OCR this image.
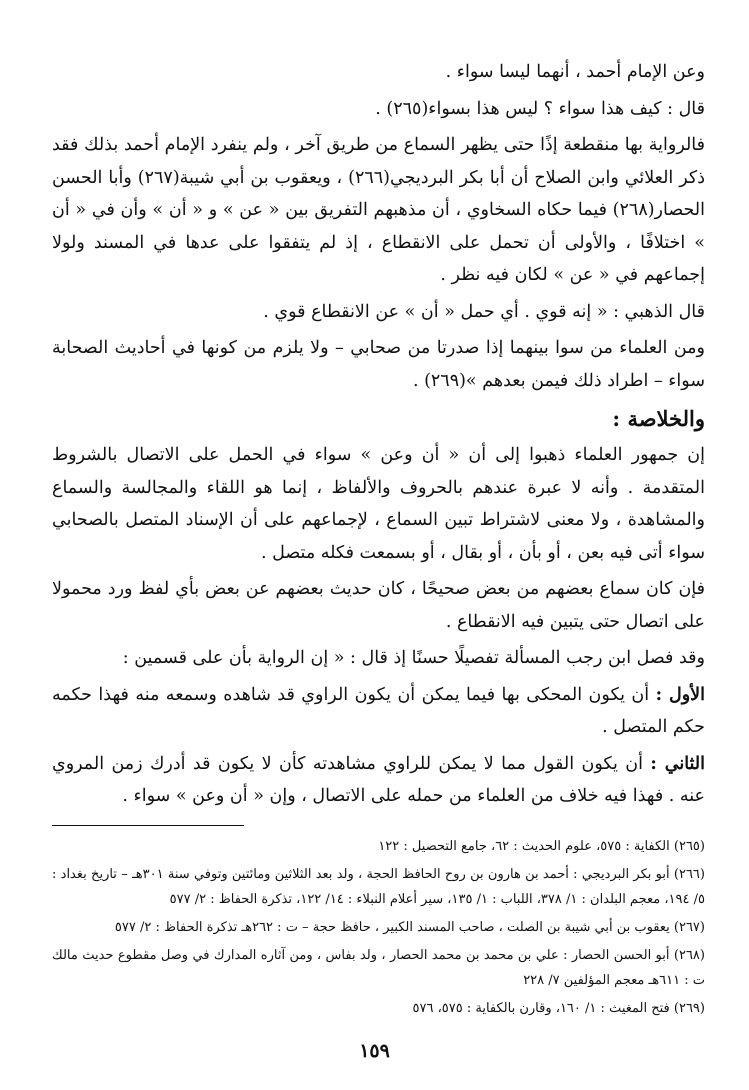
وعن الإمام أحمد ، أنهما ليسا سواء .

قال : كيف هذا سواء ؟ ليس هذا بسواء(٢٦٥) .

فالرواية بها منقطعة إذًا حتى يظهر السماع من طريق آخر ، ولم ينفرد الإمام أحمد بذلك فقد ذكر العلائي وابن الصلاح أن أبا بكر البرديجي(٢٦٦) ، ويعقوب بن أبي شيبة(٢٦٧) وأبا الحسن الحصار(٢٦٨) فيما حكاه السخاوي ، أن مذهبهم التفريق بين « عن » و « أن » وأن في « أن » اختلافًا ، والأولى أن تحمل على الانقطاع ، إذ لم يتفقوا على عدها في المسند ولولا إجماعهم في « عن » لكان فيه نظر .

قال الذهبي : « إنه قوي . أي حمل « أن » عن الانقطاع قوي .

ومن العلماء من سوا بينهما إذا صدرتا من صحابي – ولا يلزم من كونها في أحاديث الصحابة سواء – اطراد ذلك فيمن بعدهم »(٢٦٩) .

والخلاصة :

إن جمهور العلماء ذهبوا إلى أن « أن وعن » سواء في الحمل على الاتصال بالشروط المتقدمة . وأنه لا عبرة عندهم بالحروف والألفاظ ، إنما هو اللقاء والمجالسة والسماع والمشاهدة ، ولا معنى لاشتراط تبين السماع ، لإجماعهم على أن الإسناد المتصل بالصحابي سواء أتى فيه بعن ، أو بأن ، أو بقال ، أو بسمعت فكله متصل .

فإن كان سماع بعضهم من بعض صحيحًا ، كان حديث بعضهم عن بعض بأي لفظ ورد محمولا على اتصال حتى يتبين فيه الانقطاع .

وقد فصل ابن رجب المسألة تفصيلًا حسنًا إذ قال : « إن الرواية بأن على قسمين :

الأول : أن يكون المحكى بها فيما يمكن أن يكون الراوي قد شاهده وسمعه منه فهذا حكمه حكم المتصل .

الثاني : أن يكون القول مما لا يمكن للراوي مشاهدته كأن لا يكون قد أدرك زمن المروي عنه . فهذا فيه خلاف من العلماء من حمله على الاتصال ، وإن « أن وعن » سواء .

(٢٦٥) الكفاية : ٥٧٥، علوم الحديث : ٦٢، جامع التحصيل : ١٢٢

(٢٦٦) أبو بكر البرديجي : أحمد بن هارون بن روح الحافظ الحجة ، ولد بعد الثلاثين ومائتين وتوفي سنة ٣٠١هـ – تاريخ بغداد : ٥/ ١٩٤، معجم البلدان : ١/ ٣٧٨، اللباب : ١/ ١٣٥، سير أعلام النبلاء : ١٤/ ١٢٢، تذكرة الحفاظ : ٢/ ٥٧٧

(٢٦٧) يعقوب بن أبي شيبة بن الصلت ، صاحب المسند الكبير ، حافظ حجة – ت : ٢٦٢هـ تذكرة الحفاظ : ٢/ ٥٧٧

(٢٦٨) أبو الحسن الحصار : علي بن محمد بن محمد الحصار ، ولد بفاس ، ومن آثاره المدارك في وصل مقطوع حديث مالك ت : ٦١١هـ معجم المؤلفين ٧/ ٢٢٨

(٢٦٩) فتح المغيث : ١/ ١٦٠، وقارن بالكفاية : ٥٧٥، ٥٧٦

١٥٩
